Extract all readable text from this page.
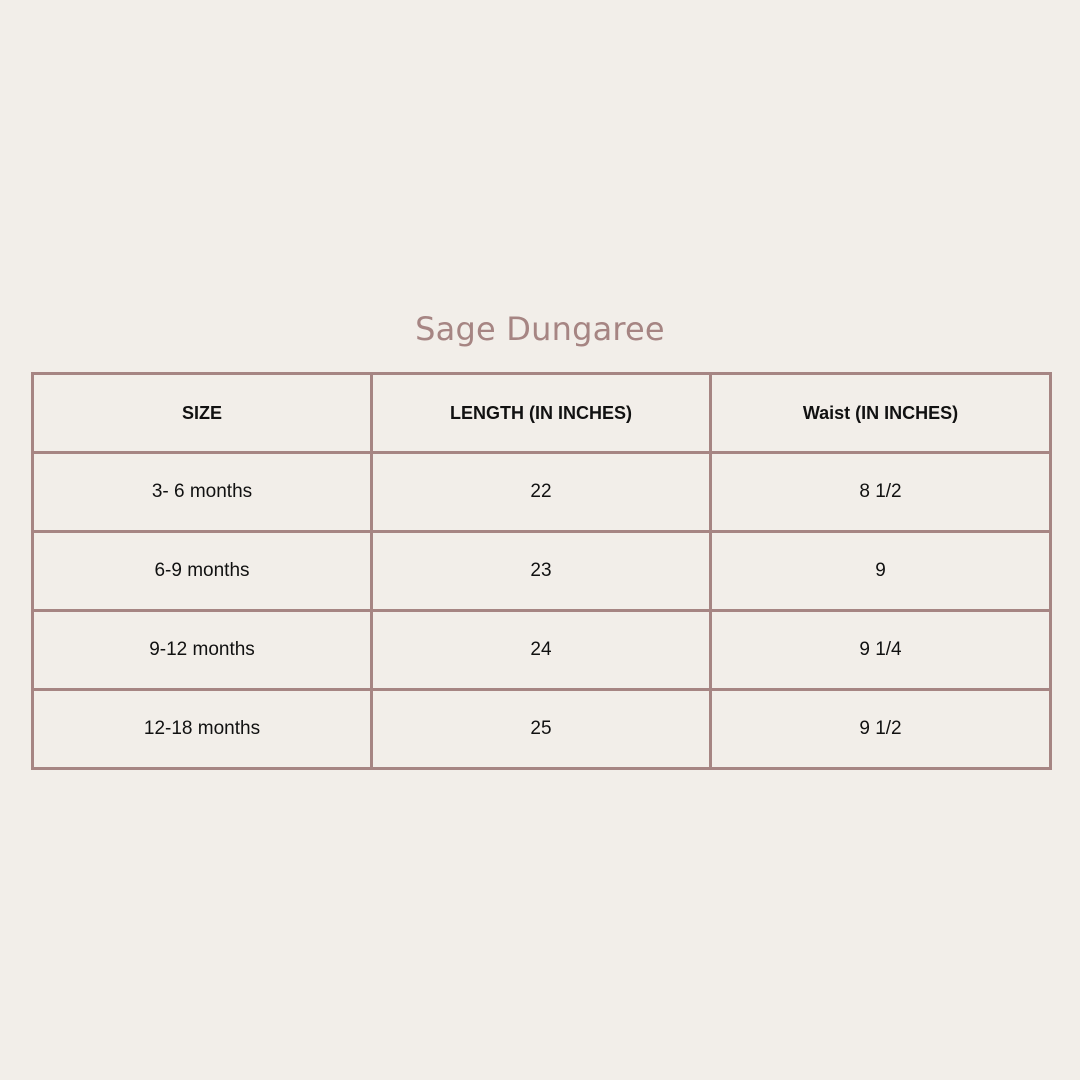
Sage Dungaree
SIZE	LENGTH (IN INCHES)	Waist (IN INCHES)
3- 6 months	22	8 1/2
6-9 months	23	9
9-12 months	24	9 1/4
12-18 months	25	9 1/2
